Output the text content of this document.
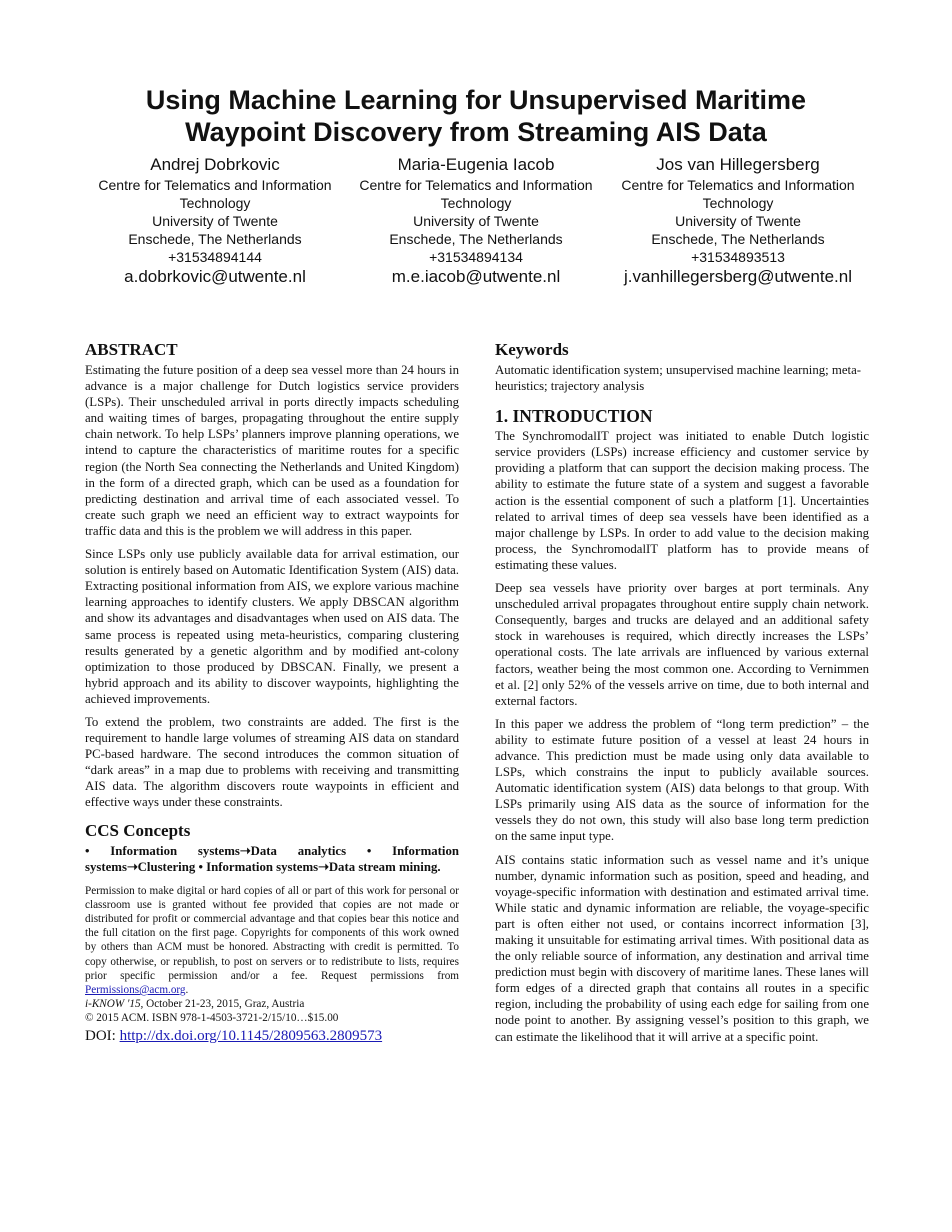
Using Machine Learning for Unsupervised Maritime
Waypoint Discovery from Streaming AIS Data
Andrej Dobrkovic
Centre for Telematics and Information
Technology
University of Twente
Enschede, The Netherlands
+31534894144
a.dobrkovic@utwente.nl
Maria-Eugenia Iacob
Centre for Telematics and Information
Technology
University of Twente
Enschede, The Netherlands
+31534894134
m.e.iacob@utwente.nl
Jos van Hillegersberg
Centre for Telematics and Information
Technology
University of Twente
Enschede, The Netherlands
+31534893513
j.vanhillegersberg@utwente.nl
ABSTRACT

Estimating the future position of a deep sea vessel more than 24 hours in advance is a major challenge for Dutch logistics service providers (LSPs). Their unscheduled arrival in ports directly impacts scheduling and waiting times of barges, propagating throughout the entire supply chain network. To help LSPs’ planners improve planning operations, we intend to capture the characteristics of maritime routes for a specific region (the North Sea connecting the Netherlands and United Kingdom) in the form of a directed graph, which can be used as a foundation for predicting destination and arrival time of each associated vessel. To create such graph we need an efficient way to extract waypoints for traffic data and this is the problem we will address in this paper.

Since LSPs only use publicly available data for arrival estimation, our solution is entirely based on Automatic Identification System (AIS) data. Extracting positional information from AIS, we explore various machine learning approaches to identify clusters. We apply DBSCAN algorithm and show its advantages and disadvantages when used on AIS data. The same process is repeated using meta-heuristics, comparing clustering results generated by a genetic algorithm and by modified ant-colony optimization to those produced by DBSCAN. Finally, we present a hybrid approach and its ability to discover waypoints, highlighting the achieved improvements.

To extend the problem, two constraints are added. The first is the requirement to handle large volumes of streaming AIS data on standard PC-based hardware. The second introduces the common situation of “dark areas” in a map due to problems with receiving and transmitting AIS data. The algorithm discovers route waypoints in efficient and effective ways under these constraints.

CCS Concepts
• Information systems➝Data analytics • Information systems➝Clustering • Information systems➝Data stream mining.
Permission to make digital or hard copies of all or part of this work for personal or classroom use is granted without fee provided that copies are not made or distributed for profit or commercial advantage and that copies bear this notice and the full citation on the first page. Copyrights for components of this work owned by others than ACM must be honored. Abstracting with credit is permitted. To copy otherwise, or republish, to post on servers or to redistribute to lists, requires prior specific permission and/or a fee. Request permissions from Permissions@acm.org.
i-KNOW '15, October 21-23, 2015, Graz, Austria
© 2015 ACM. ISBN 978-1-4503-3721-2/15/10…$15.00
DOI: http://dx.doi.org/10.1145/2809563.2809573
Keywords

Automatic identification system; unsupervised machine learning; meta-heuristics; trajectory analysis

1. INTRODUCTION

The SynchromodalIT project was initiated to enable Dutch logistic service providers (LSPs) increase efficiency and customer service by providing a platform that can support the decision making process. The ability to estimate the future state of a system and suggest a favorable action is the essential component of such a platform [1]. Uncertainties related to arrival times of deep sea vessels have been identified as a major challenge by LSPs. In order to add value to the decision making process, the SynchromodalIT platform has to provide means of estimating these values.

Deep sea vessels have priority over barges at port terminals. Any unscheduled arrival propagates throughout entire supply chain network. Consequently, barges and trucks are delayed and an additional safety stock in warehouses is required, which directly increases the LSPs’ operational costs. The late arrivals are influenced by various external factors, weather being the most common one. According to Vernimmen et al. [2] only 52% of the vessels arrive on time, due to both internal and external factors.

In this paper we address the problem of “long term prediction” – the ability to estimate future position of a vessel at least 24 hours in advance. This prediction must be made using only data available to LSPs, which constrains the input to publicly available sources. Automatic identification system (AIS) data belongs to that group. With LSPs primarily using AIS data as the source of information for the vessels they do not own, this study will also base long term prediction on the same input type.

AIS contains static information such as vessel name and it’s unique number, dynamic information such as position, speed and heading, and voyage-specific information with destination and estimated arrival time. While static and dynamic information are reliable, the voyage-specific part is often either not used, or contains incorrect information [3], making it unsuitable for estimating arrival times. With positional data as the only reliable source of information, any destination and arrival time prediction must begin with discovery of maritime lanes. These lanes will form edges of a directed graph that contains all routes in a specific region, including the probability of using each edge for sailing from one node point to another. By assigning vessel’s position to this graph, we can estimate the likelihood that it will arrive at a specific point.
